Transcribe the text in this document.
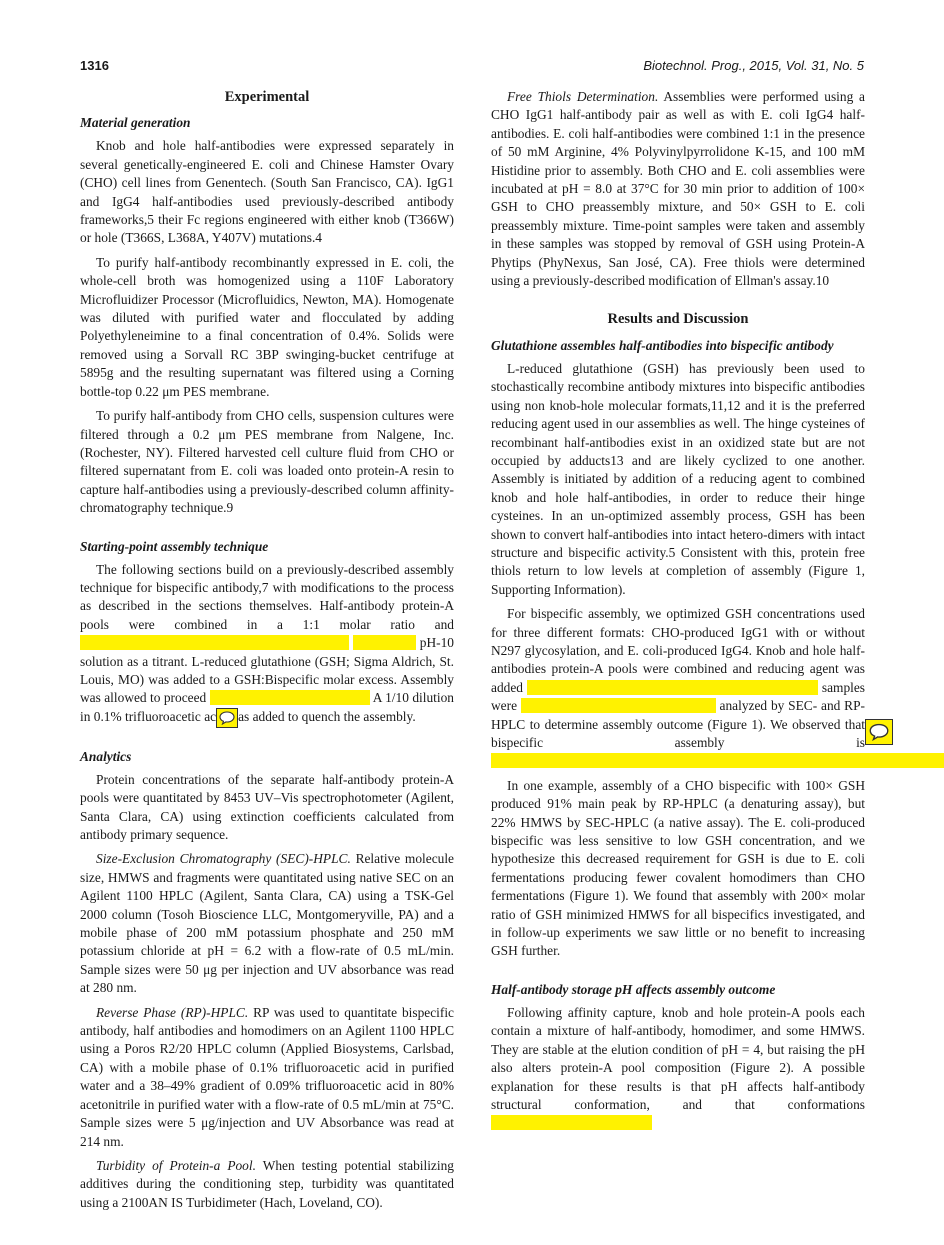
1316	Biotechnol. Prog., 2015, Vol. 31, No. 5
Experimental
Material generation

Knob and hole half-antibodies were expressed separately in several genetically-engineered E. coli and Chinese Hamster Ovary (CHO) cell lines from Genentech. (South San Francisco, CA). IgG1 and IgG4 half-antibodies used previously-described antibody frameworks,5 their Fc regions engineered with either knob (T366W) or hole (T366S, L368A, Y407V) mutations.4

To purify half-antibody recombinantly expressed in E. coli, the whole-cell broth was homogenized using a 110F Laboratory Microfluidizer Processor (Microfluidics, Newton, MA). Homogenate was diluted with purified water and flocculated by adding Polyethyleneimine to a final concentration of 0.4%. Solids were removed using a Sorvall RC 3BP swinging-bucket centrifuge at 5895g and the resulting supernatant was filtered using a Corning bottle-top 0.22 μm PES membrane.

To purify half-antibody from CHO cells, suspension cultures were filtered through a 0.2 μm PES membrane from Nalgene, Inc. (Rochester, NY). Filtered harvested cell culture fluid from CHO or filtered supernatant from E. coli was loaded onto protein-A resin to capture half-antibodies using a previously-described column affinity-chromatography technique.9

Starting-point assembly technique

The following sections build on a previously-described assembly technique for bispecific antibody,7 with modifications to the process as described in the sections themselves. Half-antibody protein-A pools were combined in a 1:1 molar ratio and                                                                                            pH-10 solution as a titrant. L-reduced glutathione (GSH; Sigma Aldrich, St. Louis, MO) was added to a GSH:Bispecific molar excess. Assembly was allowed to proceed	A 1/10 dilution in 0.1% trifluoroacetic ac as added to quench the assembly.

Analytics

Protein concentrations of the separate half-antibody protein-A pools were quantitated by 8453 UV–Vis spectrophotometer (Agilent, Santa Clara, CA) using extinction coefficients calculated from antibody primary sequence.

Size-Exclusion Chromatography (SEC)-HPLC. Relative molecule size, HMWS and fragments were quantitated using native SEC on an Agilent 1100 HPLC (Agilent, Santa Clara, CA) using a TSK-Gel 2000 column (Tosoh Bioscience LLC, Montgomeryville, PA) and a mobile phase of 200 mM potassium phosphate and 250 mM potassium chloride at pH = 6.2 with a flow-rate of 0.5 mL/min. Sample sizes were 50 μg per injection and UV absorbance was read at 280 nm.

Reverse Phase (RP)-HPLC. RP was used to quantitate bispecific antibody, half antibodies and homodimers on an Agilent 1100 HPLC using a Poros R2/20 HPLC column (Applied Biosystems, Carlsbad, CA) with a mobile phase of 0.1% trifluoroacetic acid in purified water and a 38–49% gradient of 0.09% trifluoroacetic acid in 80% acetonitrile in purified water with a flow-rate of 0.5 mL/min at 75°C. Sample sizes were 5 μg/injection and UV Absorbance was read at 214 nm.

Turbidity of Protein-a Pool. When testing potential stabilizing additives during the conditioning step, turbidity was quantitated using a 2100AN IS Turbidimeter (Hach, Loveland, CO).

Free Thiols Determination. Assemblies were performed using a CHO IgG1 half-antibody pair as well as with E. coli IgG4 half-antibodies. E. coli half-antibodies were combined 1:1 in the presence of 50 mM Arginine, 4% Polyvinylpyrrolidone K-15, and 100 mM Histidine prior to assembly. Both CHO and E. coli assemblies were incubated at pH = 8.0 at 37°C for 30 min prior to addition of 100× GSH to CHO preassembly mixture, and 50× GSH to E. coli preassembly mixture. Time-point samples were taken and assembly in these samples was stopped by removal of GSH using Protein-A Phytips (PhyNexus, San José, CA). Free thiols were determined using a previously-described modification of Ellman's assay.10

Results and Discussion
Glutathione assembles half-antibodies into bispecific antibody

L-reduced glutathione (GSH) has previously been used to stochastically recombine antibody mixtures into bispecific antibodies using non knob-hole molecular formats,11,12 and it is the preferred reducing agent used in our assemblies as well. The hinge cysteines of recombinant half-antibodies exist in an oxidized state but are not occupied by adducts13 and are likely cyclized to one another. Assembly is initiated by addition of a reducing agent to combined knob and hole half-antibodies, in order to reduce their hinge cysteines. In an un-optimized assembly process, GSH has been shown to convert half-antibodies into intact hetero-dimers with intact structure and bispecific activity.5 Consistent with this, protein free thiols return to low levels at completion of assembly (Figure 1, Supporting Information).

For bispecific assembly, we optimized GSH concentrations used for three different formats: CHO-produced IgG1 with or without N297 glycosylation, and E. coli-produced IgG4. Knob and hole half-antibodies protein-A pools were combined and reducing agent was added	samples were	analyzed by SEC- and RP-HPLC to determine assembly outcome (Figure 1). We observed that bispecific assembly is

In one example, assembly of a CHO bispecific with 100× GSH produced 91% main peak by RP-HPLC (a denaturing assay), but 22% HMWS by SEC-HPLC (a native assay). The E. coli-produced bispecific was less sensitive to low GSH concentration, and we hypothesize this decreased requirement for GSH is due to E. coli fermentations producing fewer covalent homodimers than CHO fermentations (Figure 1). We found that assembly with 200× molar ratio of GSH minimized HMWS for all bispecifics investigated, and in follow-up experiments we saw little or no benefit to increasing GSH further.

Half-antibody storage pH affects assembly outcome

Following affinity capture, knob and hole protein-A pools each contain a mixture of half-antibody, homodimer, and some HMWS. They are stable at the elution condition of pH = 4, but raising the pH also alters protein-A pool composition (Figure 2). A possible explanation for these results is that pH affects half-antibody structural conformation, and that conformations
